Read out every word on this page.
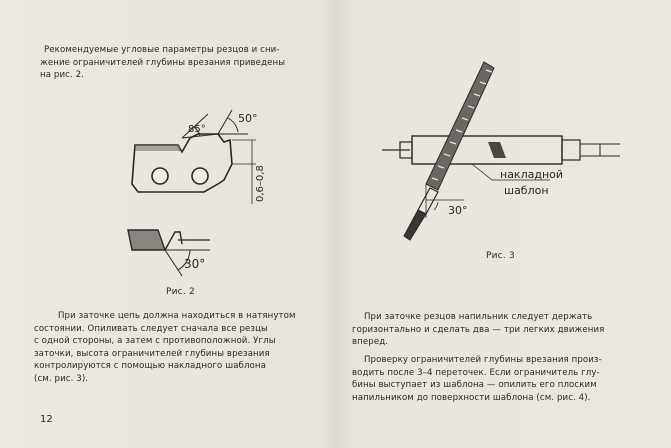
Рекомендуемые угловые параметры резцов и сни-
жение ограничителей глубины врезания приведены
на рис. 2.

50°
85°
0,6–0,8
30°
Рис. 2

При заточке цепь должна находиться в натянутом
состоянии. Опиливать следует сначала все резцы
с одной стороны, а затем с противоположной. Углы
заточки, высота ограничителей глубины врезания
контролируются с помощью накладного шаблона
(см. рис. 3).

12
накладной
шаблон
30°
Рис. 3

При заточке резцов напильник следует держать
горизонтально и сделать два — три легких движения
вперед.

Проверку ограничителей глубины врезания произ-
водить после 3–4 переточек. Если ограничитель глу-
бины выступает из шаблона — опилить его плоским
напильником до поверхности шаблона (см. рис. 4).
